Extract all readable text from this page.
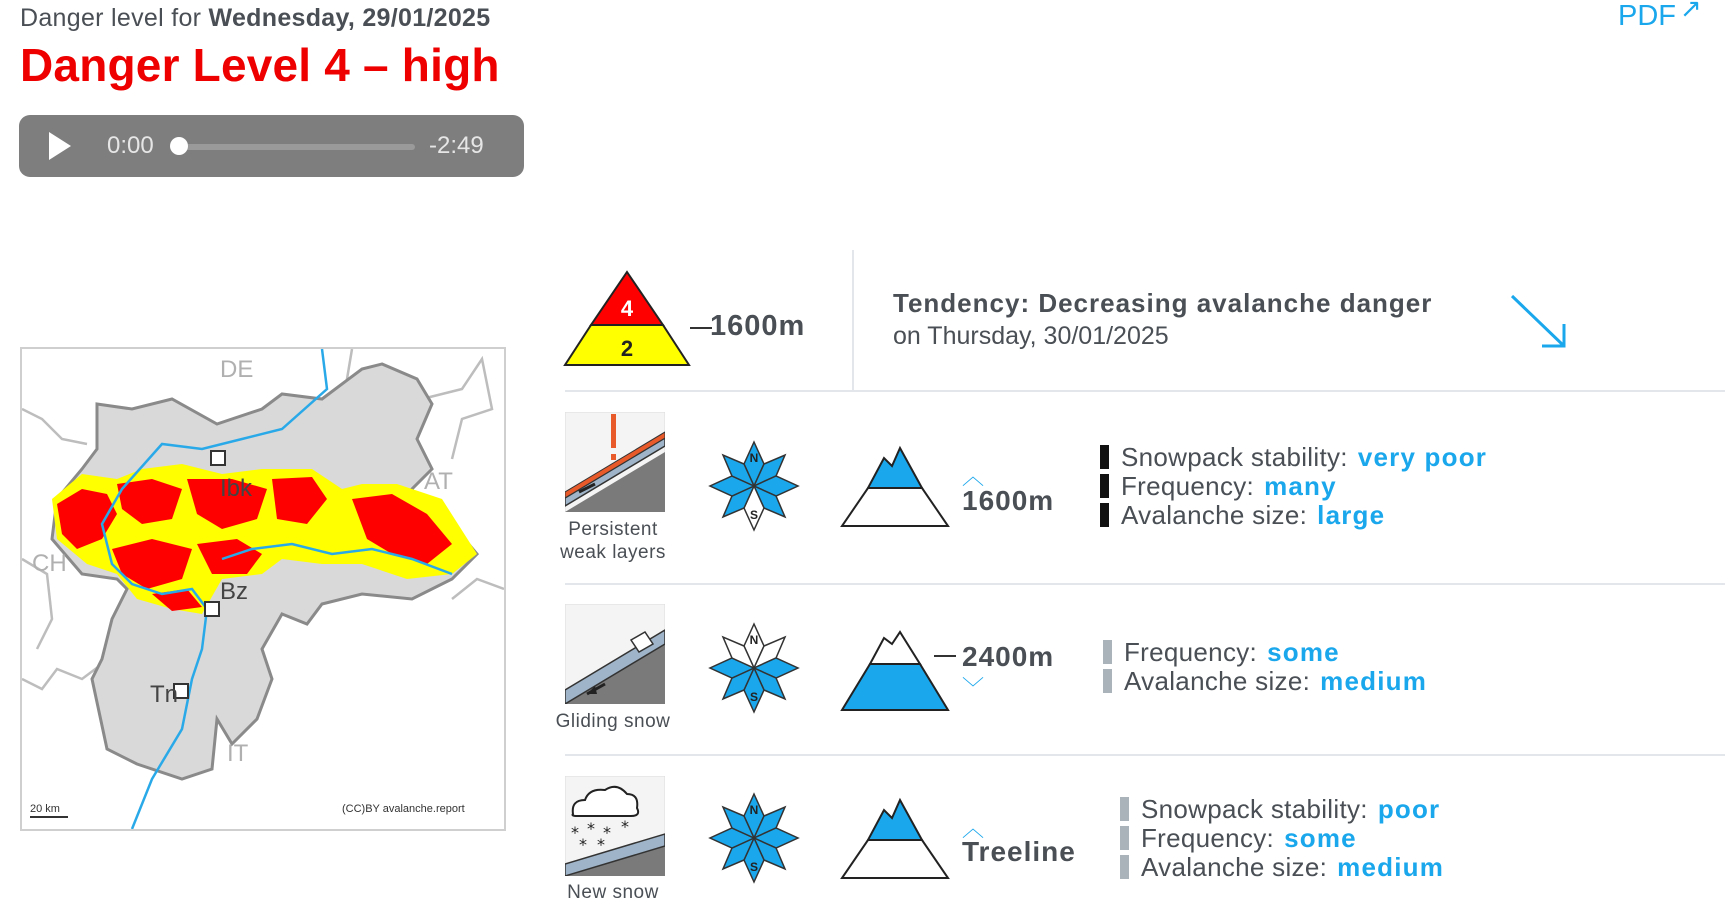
Danger level for Wednesday, 29/01/2025
Danger Level 4 – high
PDF ↗
0:00	-2:49
DE
AT
CH
IT
Ibk
Bz
Tn
20 km	(CC)BY avalanche.report
4
2
1600m
Tendency: Decreasing avalanche danger
on Thursday, 30/01/2025
Persistent
weak layers
N
S
︿
1600m
Snowpack stability: very poor
Frequency: many
Avalanche size: large
Gliding snow
N
S
2400m
﹀
Frequency: some
Avalanche size: medium
* * * *
* *
New snow
N
S
︿
Treeline
Snowpack stability: poor
Frequency: some
Avalanche size: medium
